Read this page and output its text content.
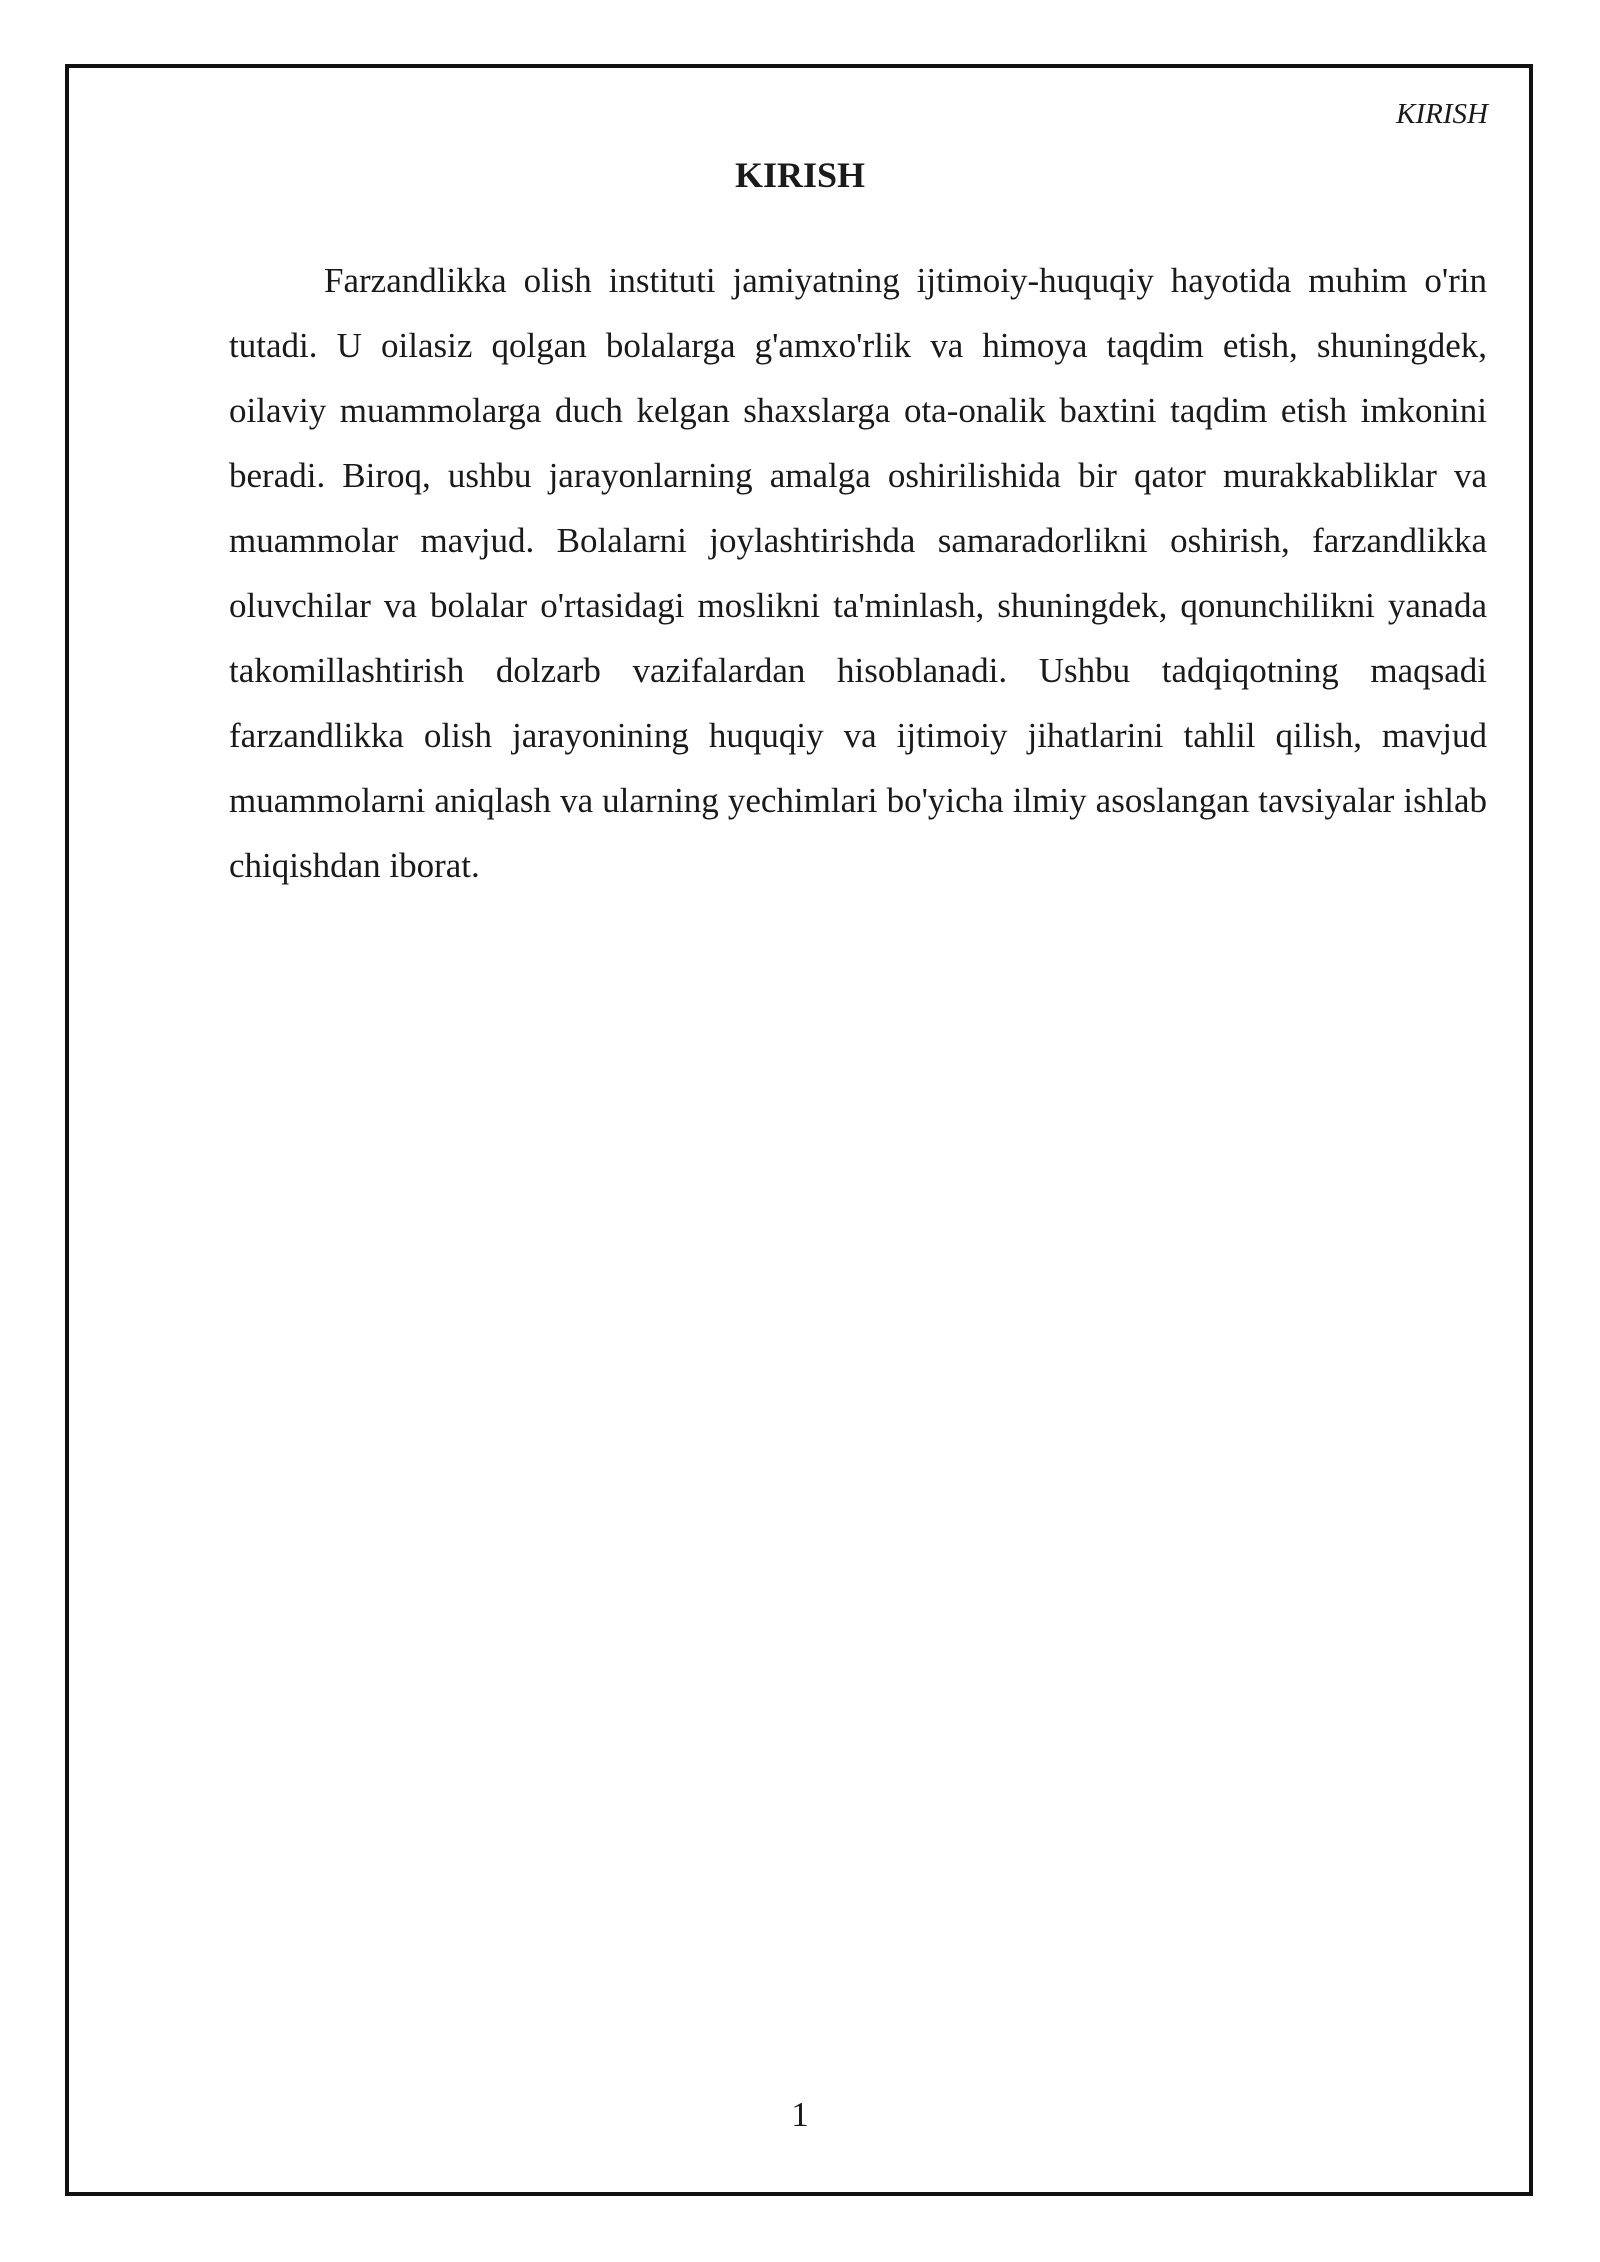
KIRISH
KIRISH

Farzandlikka olish instituti jamiyatning ijtimoiy-huquqiy hayotida muhim o'rin tutadi. U oilasiz qolgan bolalarga g'amxo'rlik va himoya taqdim etish, shuningdek, oilaviy muammolarga duch kelgan shaxslarga ota-onalik baxtini taqdim etish imkonini beradi. Biroq, ushbu jarayonlarning amalga oshirilishida bir qator murakkabliklar va muammolar mavjud. Bolalarni joylashtirishda samaradorlikni oshirish, farzandlikka oluvchilar va bolalar o'rtasidagi moslikni ta'minlash, shuningdek, qonunchilikni yanada takomillashtirish dolzarb vazifalardan hisoblanadi. Ushbu tadqiqotning maqsadi farzandlikka olish jarayonining huquqiy va ijtimoiy jihatlarini tahlil qilish, mavjud muammolarni aniqlash va ularning yechimlari bo'yicha ilmiy asoslangan tavsiyalar ishlab chiqishdan iborat.

1
